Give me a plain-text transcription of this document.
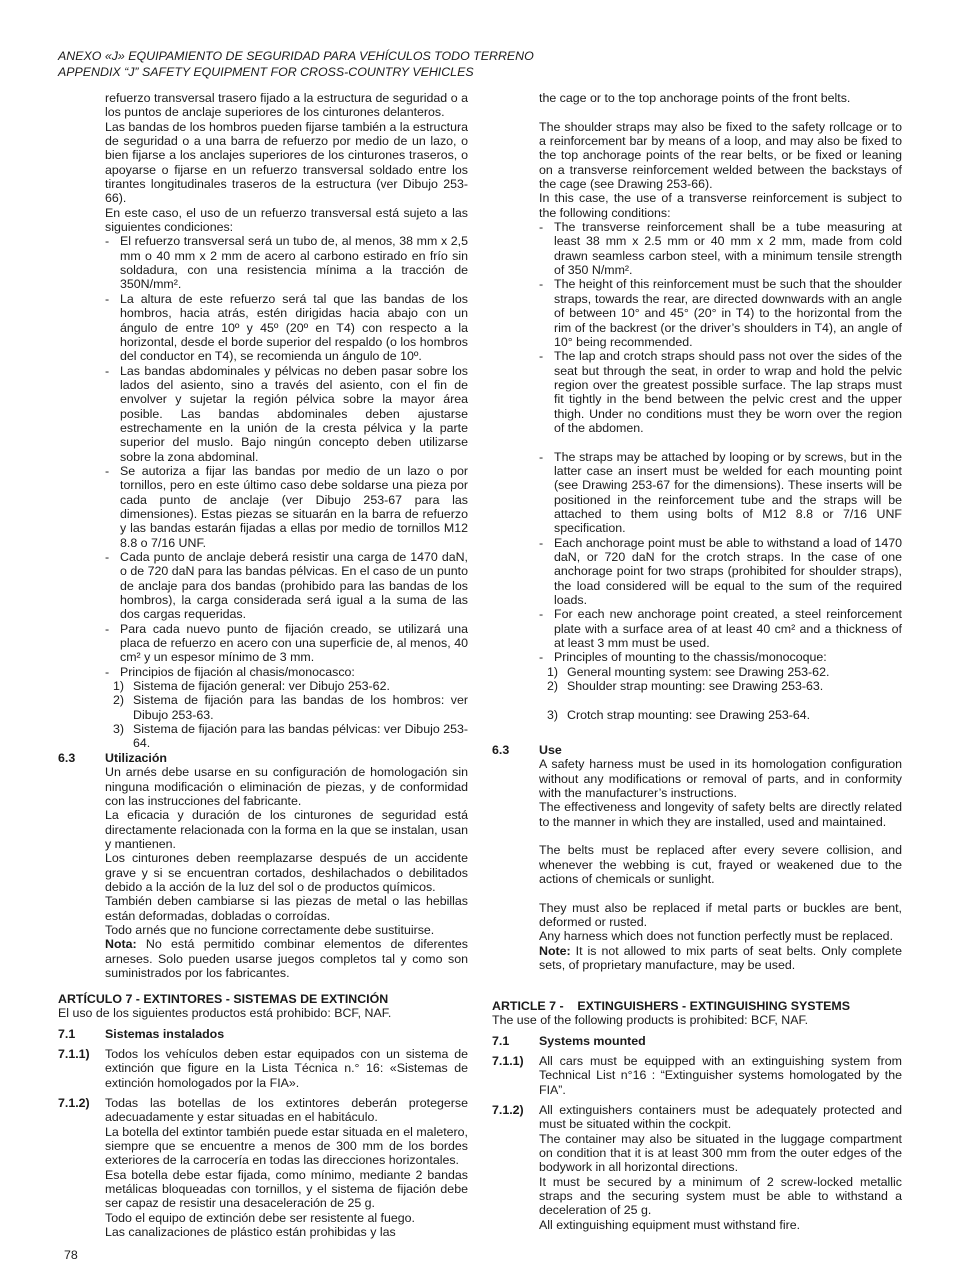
ANEXO «J» EQUIPAMIENTO DE SEGURIDAD PARA VEHÍCULOS TODO TERRENO
APPENDIX “J” SAFETY EQUIPMENT FOR CROSS-COUNTRY VEHICLES

refuerzo transversal trasero fijado a la estructura de seguridad o a los puntos de anclaje superiores de los cinturones delanteros.

Las bandas de los hombros pueden fijarse también a la estructura de seguridad o a una barra de refuerzo por medio de un lazo, o bien fijarse a los anclajes superiores de los cinturones traseros, o apoyarse o fijarse en un refuerzo transversal soldado entre los tirantes longitudinales traseros de la estructura (ver Dibujo 253-66).

En este caso, el uso de un refuerzo transversal está sujeto a las siguientes condiciones:

- El refuerzo transversal será un tubo de, al menos, 38 mm x 2,5 mm o 40 mm x 2 mm de acero al carbono estirado en frío sin soldadura, con una resistencia mínima a la tracción de 350N/mm².
- La altura de este refuerzo será tal que las bandas de los hombros, hacia atrás, estén dirigidas hacia abajo con un ángulo de entre 10º y 45º (20º en T4) con respecto a la horizontal, desde el borde superior del respaldo (o los hombros del conductor en T4), se recomienda un ángulo de 10º.
- Las bandas abdominales y pélvicas no deben pasar sobre los lados del asiento, sino a través del asiento, con el fin de envolver y sujetar la región pélvica sobre la mayor área posible. Las bandas abdominales deben ajustarse estrechamente en la unión de la cresta pélvica y la parte superior del muslo. Bajo ningún concepto deben utilizarse sobre la zona abdominal.
- Se autoriza a fijar las bandas por medio de un lazo o por tornillos, pero en este último caso debe soldarse una pieza por cada punto de anclaje (ver Dibujo 253-67 para las dimensiones). Estas piezas se situarán en la barra de refuerzo y las bandas estarán fijadas a ellas por medio de tornillos M12 8.8 o 7/16 UNF.
- Cada punto de anclaje deberá resistir una carga de 1470 daN, o de 720 daN para las bandas pélvicas. En el caso de un punto de anclaje para dos bandas (prohibido para las bandas de los hombros), la carga considerada será igual a la suma de las dos cargas requeridas.
- Para cada nuevo punto de fijación creado, se utilizará una placa de refuerzo en acero con una superficie de, al menos, 40 cm² y un espesor mínimo de 3 mm.
- Principios de fijación al chasis/monocasco:
1) Sistema de fijación general: ver Dibujo 253-62.
2) Sistema de fijación para las bandas de los hombros: ver Dibujo 253-63.
3) Sistema de fijación para las bandas pélvicas: ver Dibujo 253-64.
6.3	Utilización

Un arnés debe usarse en su configuración de homologación sin ninguna modificación o eliminación de piezas, y de conformidad con las instrucciones del fabricante.

La eficacia y duración de los cinturones de seguridad está directamente relacionada con la forma en la que se instalan, usan y mantienen.

Los cinturones deben reemplazarse después de un accidente grave y si se encuentran cortados, deshilachados o debilitados debido a la acción de la luz del sol o de productos químicos.

También deben cambiarse si las piezas de metal o las hebillas están deformadas, dobladas o corroídas.

Todo arnés que no funcione correctamente debe sustituirse.

Nota: No está permitido combinar elementos de diferentes arneses. Solo pueden usarse juegos completos tal y como son suministrados por los fabricantes.

ARTÍCULO 7 - EXTINTORES - SISTEMAS DE EXTINCIÓN

El uso de los siguientes productos está prohibido: BCF, NAF.

7.1	Sistemas instalados
7.1.1)	Todos los vehículos deben estar equipados con un sistema de extinción que figure en la Lista Técnica n.° 16: «Sistemas de extinción homologados por la FIA».
7.1.2)	Todas las botellas de los extintores deberán protegerse adecuadamente y estar situadas en el habitáculo.

La botella del extintor también puede estar situada en el maletero, siempre que se encuentre a menos de 300 mm de los bordes exteriores de la carrocería en todas las direcciones horizontales.

Esa botella debe estar fijada, como mínimo, mediante 2 bandas metálicas bloqueadas con tornillos, y el sistema de fijación debe ser capaz de resistir una desaceleración de 25 g.

Todo el equipo de extinción debe ser resistente al fuego.

Las canalizaciones de plástico están prohibidas y las

78

the cage or to the top anchorage points of the front belts.

The shoulder straps may also be fixed to the safety rollcage or to a reinforcement bar by means of a loop, and may also be fixed to the top anchorage points of the rear belts, or be fixed or leaning on a transverse reinforcement welded between the backstays of the cage (see Drawing 253-66).

In this case, the use of a transverse reinforcement is subject to the following conditions:

- The transverse reinforcement shall be a tube measuring at least 38 mm x 2.5 mm or 40 mm x 2 mm, made from cold drawn seamless carbon steel, with a minimum tensile strength of 350 N/mm².
- The height of this reinforcement must be such that the shoulder straps, towards the rear, are directed downwards with an angle of between 10° and 45° (20° in T4) to the horizontal from the rim of the backrest (or the driver’s shoulders in T4), an angle of 10° being recommended.
- The lap and crotch straps should pass not over the sides of the seat but through the seat, in order to wrap and hold the pelvic region over the greatest possible surface. The lap straps must fit tightly in the bend between the pelvic crest and the upper thigh. Under no conditions must they be worn over the region of the abdomen.
- The straps may be attached by looping or by screws, but in the latter case an insert must be welded for each mounting point (see Drawing 253-67 for the dimensions). These inserts will be positioned in the reinforcement tube and the straps will be attached to them using bolts of M12 8.8 or 7/16 UNF specification.
- Each anchorage point must be able to withstand a load of 1470 daN, or 720 daN for the crotch straps. In the case of one anchorage point for two straps (prohibited for shoulder straps), the load considered will be equal to the sum of the required loads.
- For each new anchorage point created, a steel reinforcement plate with a surface area of at least 40 cm² and a thickness of at least 3 mm must be used.
- Principles of mounting to the chassis/monocoque:
1) General mounting system: see Drawing 253-62.
2) Shoulder strap mounting: see Drawing 253-63.
3) Crotch strap mounting: see Drawing 253-64.
6.3	Use

A safety harness must be used in its homologation configuration without any modifications or removal of parts, and in conformity with the manufacturer’s instructions.

The effectiveness and longevity of safety belts are directly related to the manner in which they are installed, used and maintained.

The belts must be replaced after every severe collision, and whenever the webbing is cut, frayed or weakened due to the actions of chemicals or sunlight.

They must also be replaced if metal parts or buckles are bent, deformed or rusted.

Any harness which does not function perfectly must be replaced.

Note: It is not allowed to mix parts of seat belts. Only complete sets, of proprietary manufacture, may be used.

ARTICLE 7 -    EXTINGUISHERS - EXTINGUISHING SYSTEMS

The use of the following products is prohibited: BCF, NAF.

7.1	Systems mounted
7.1.1)	All cars must be equipped with an extinguishing system from Technical List n°16 : “Extinguisher systems homologated by the FIA”.
7.1.2)	All extinguishers containers must be adequately protected and must be situated within the cockpit.

The container may also be situated in the luggage compartment on condition that it is at least 300 mm from the outer edges of the bodywork in all horizontal directions.

It must be secured by a minimum of 2 screw-locked metallic straps and the securing system must be able to withstand a deceleration of 25 g.

All extinguishing equipment must withstand fire.
